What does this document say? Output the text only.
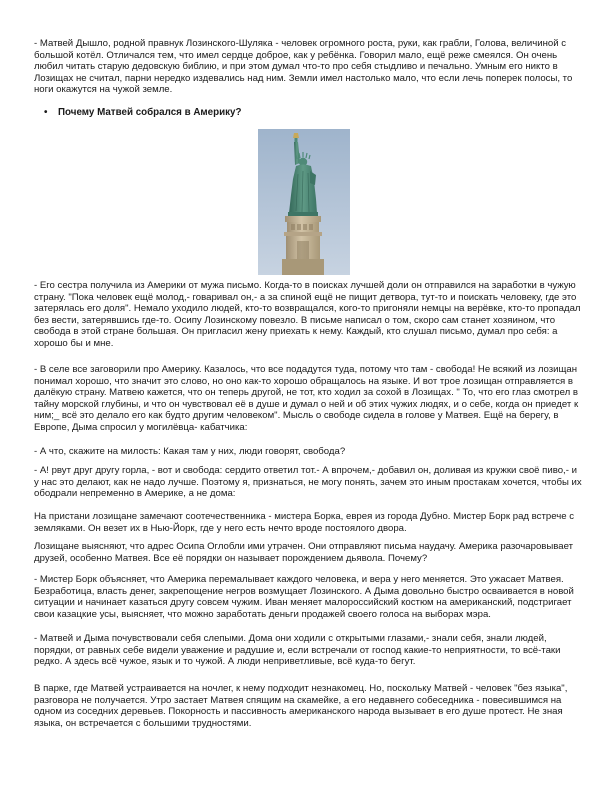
- Матвей Дышло, родной правнук Лозинского-Шуляка - человек огромного роста, руки, как грабли, Голова, величиной с большой котёл. Отличался тем, что имел сердце доброе, как у ребёнка. Говорил мало, ещё реже смеялся. Он очень любил читать старую дедовскую библию, и при этом думал что-то про себя стыдливо и печально. Умным его никто в Лозищах не считал, парни нередко издевались над ним. Земли имел настолько мало, что если лечь поперек полосы, то ноги окажутся на чужой земле.

• Почему Матвей собрался в Америку?

- Его сестра получила из Америки от мужа письмо. Когда-то в поисках лучшей доли он отправился на заработки в чужую страну. "Пока человек ещё молод,- говаривал он,- а за спиной ещё не пищит детвора, тут-то и поискать человеку, где это затерялась его доля". Немало уходило людей, кто-то возвращался, кого-то пригоняли немцы на верёвке, кто-то пропадал без вести, затерявшись где-то. Осипу Лозинскому повезло. В письме написал о том, скоро сам станет хозяином, что свобода в этой стране большая. Он пригласил жену приехать к нему. Каждый, кто слушал письмо, думал про себя: а хорошо бы и мне.

- В селе все заговорили про Америку. Казалось, что все подадутся туда, потому что там - свобода! Не всякий из лозищан понимал хорошо, что значит это слово, но оно как-то хорошо обращалось на языке. И вот трое лозищан отправляется в далёкую страну. Матвею кажется, что он теперь другой, не тот, кто ходил за сохой в Лозищах. " То, что его глаз смотрел в тайну морской глубины, и что он чувствовал её в душе и думал о ней и об этих чужих людях, и о себе, когда он приедет к ним;_ всё это делало его как будто другим человеком". Мысль о свободе сидела в голове у Матвея. Ещё на берегу, в Европе, Дыма спросил у могилёвца- кабатчика:

- А что, скажите на милость: Какая там у них, люди говорят, свобода?

- А! рвут друг другу горла, - вот и свобода: сердито ответил тот.- А впрочем,- добавил он, доливая из кружки своё пиво,- и у нас это делают, как не надо лучше. Поэтому я, признаться, не могу понять, зачем это иным простакам хочется, чтобы их ободрали непременно в Америке, а не дома:

На пристани лозищане замечают соотечественника - мистера Борка, еврея из города Дубно. Мистер Борк рад встрече с земляками. Он везет их в Нью-Йорк, где у него есть нечто вроде постоялого двора.

Лозищане выясняют, что адрес Осипа Оглобли ими утрачен. Они отправляют письма наудачу. Америка разочаровывает друзей, особенно Матвея. Все её порядки он называет порождением дьявола. Почему?

- Мистер Борк объясняет, что Америка перемалывает каждого человека, и вера у него меняется. Это ужасает Матвея. Безработица, власть денег, закрепощение негров возмущает Лозинского. А Дыма довольно быстро осваивается в новой ситуации и начинает казаться другу совсем чужим. Иван меняет малороссийский костюм на американский, подстригает свои казацкие усы, выясняет, что можно заработать деньги продажей своего голоса на выборах мэра.

- Матвей и Дыма почувствовали себя слепыми. Дома они ходили с открытыми глазами,- знали себя, знали людей, порядки, от равных себе видели уважение и радушие и, если встречали от господ какие-то неприятности, то всё-таки редко. А здесь всё чужое, язык и то чужой. А люди неприветливые, всё куда-то бегут.

В парке, где Матвей устраивается на ночлег, к нему подходит незнакомец. Но, поскольку Матвей - человек "без языка", разговора не получается. Утро застает Матвея спящим на скамейке, а его недавнего собеседника - повесившимся на одном из соседних деревьев. Покорность и пассивность американского народа вызывает в его душе протест. Не зная языка, он встречается с большими трудностями.
